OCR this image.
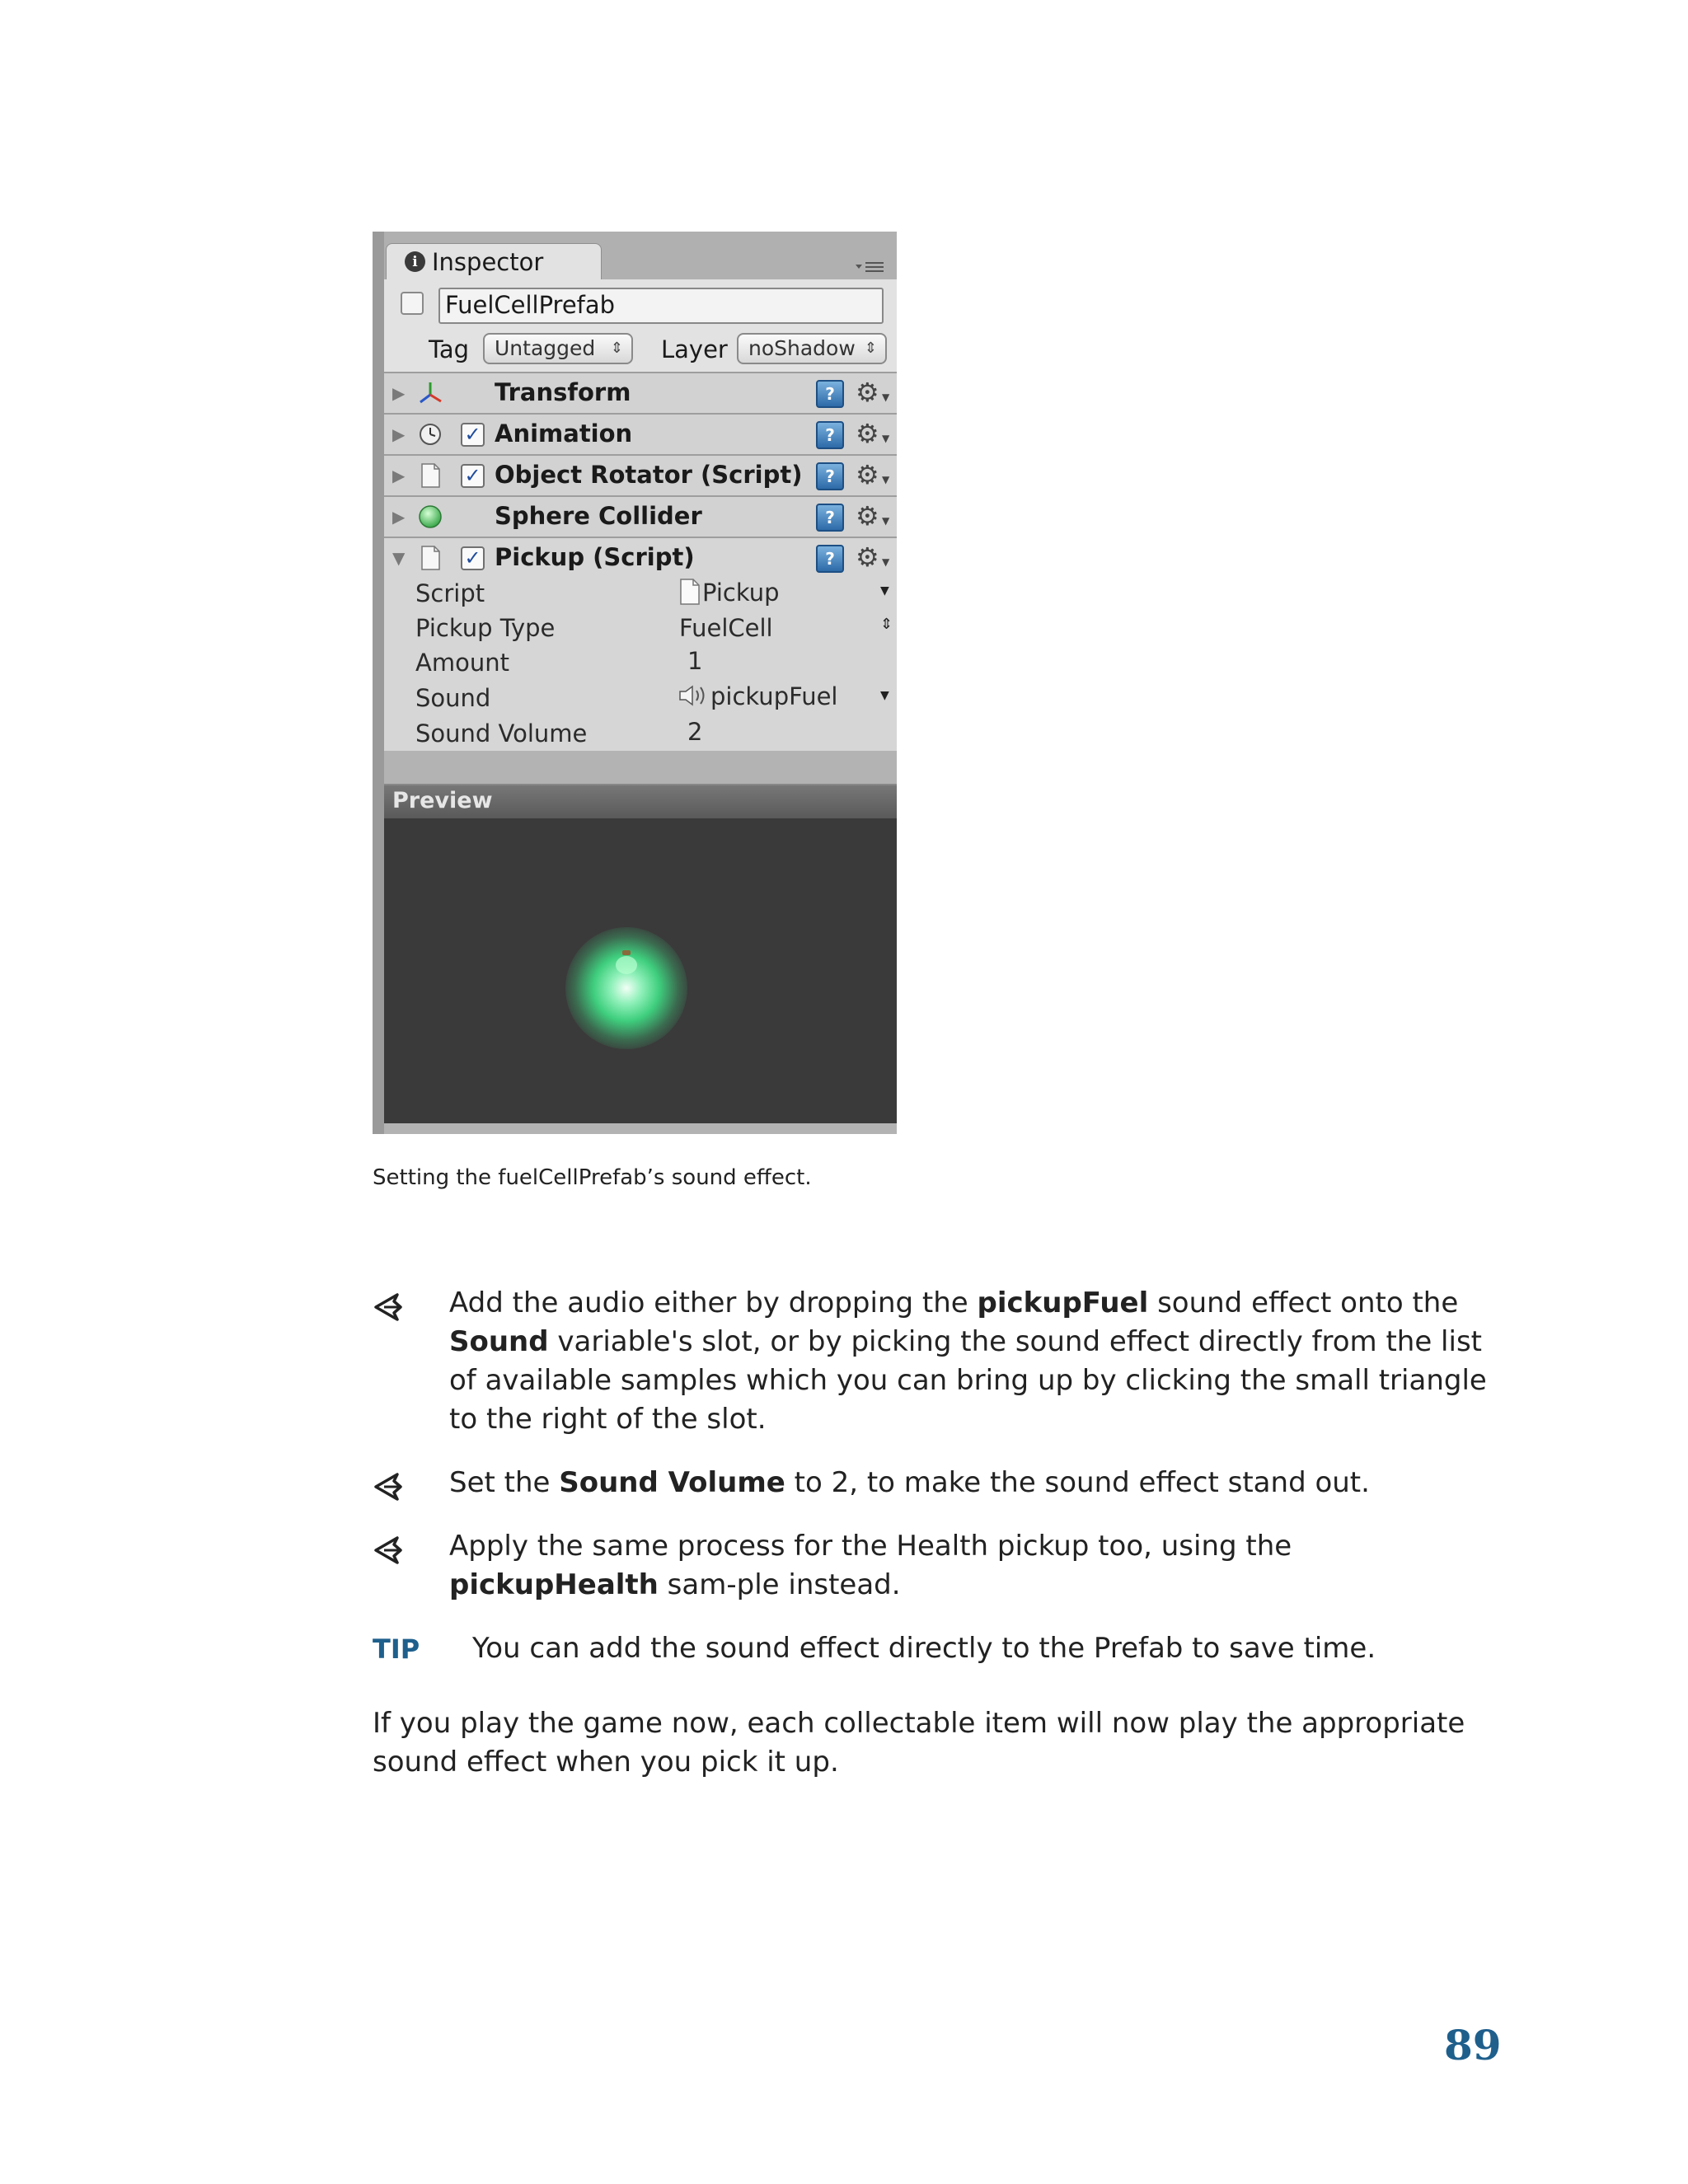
i Inspector
FuelCellPrefab
Tag	Untagged ⇕ Layer	noShadow ⇕
▶	Transform	? ⚙ ▼
▶	✓ Animation	? ⚙ ▼
▶	✓ Object Rotator (Script)	? ⚙ ▼
▶	Sphere Collider	? ⚙ ▼
▼	✓ Pickup (Script)	? ⚙ ▼
Script	Pickup	▼
Pickup Type	FuelCell	⇕
Amount	1
Sound	pickupFuel	▼
Sound Volume	2
Preview
Setting the fuelCellPrefab’s sound effect.
Add the audio either by dropping the pickupFuel sound effect onto the Sound variable's slot, or by picking the sound effect directly from the list of available samples which you can bring up by clicking the small triangle to the right of the slot.
Set the Sound Volume to 2, to make the sound effect stand out.
Apply the same process for the Health pickup too, using the pickupHealth sam-ple instead.
TIP You can add the sound effect directly to the Prefab to save time.
If you play the game now, each collectable item will now play the appropriate sound effect when you pick it up.
89
